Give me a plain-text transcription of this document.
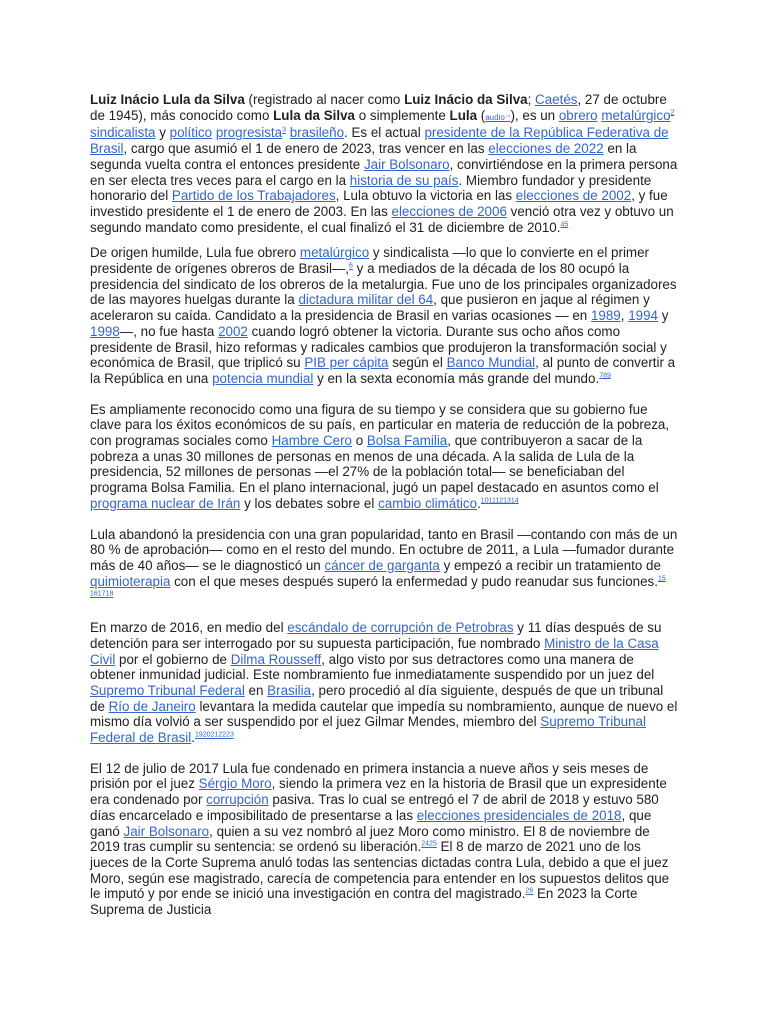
Luiz Inácio Lula da Silva (registrado al nacer como Luiz Inácio da Silva; Caetés, 27 de octubre de 1945), más conocido como Lula da Silva o simplemente Lula (audio⁻ⁱ), es un obrero metalúrgico$^2$ sindicalista y político progresista$^3$ brasileño. Es el actual presidente de la República Federativa de Brasil, cargo que asumió el 1 de enero de 2023, tras vencer en las elecciones de 2022 en la segunda vuelta contra el entonces presidente Jair Bolsonaro, convirtiéndose en la primera persona en ser electa tres veces para el cargo en la historia de su país. Miembro fundador y presidente honorario del Partido de los Trabajadores, Lula obtuvo la victoria en las elecciones de 2002, y fue investido presidente el 1 de enero de 2003. En las elecciones de 2006 venció otra vez y obtuvo un segundo mandato como presidente, el cual finalizó el 31 de diciembre de 2010.45

De origen humilde, Lula fue obrero metalúrgico y sindicalista —lo que lo convierte en el primer presidente de orígenes obreros de Brasil—,$^6$ y a mediados de la década de los 80 ocupó la presidencia del sindicato de los obreros de la metalurgia. Fue uno de los principales organizadores de las mayores huelgas durante la dictadura militar del 64, que pusieron en jaque al régimen y aceleraron su caída. Candidato a la presidencia de Brasil en varias ocasiones — en 1989, 1994 y 1998—, no fue hasta 2002 cuando logró obtener la victoria. Durante sus ocho años como presidente de Brasil, hizo reformas y radicales cambios que produjeron la transformación social y económica de Brasil, que triplicó su PIB per cápita según el Banco Mundial, al punto de convertir a la República en una potencia mundial y en la sexta economía más grande del mundo.$^{789}$

Es ampliamente reconocido como una figura de su tiempo y se considera que su gobierno fue clave para los éxitos económicos de su país, en particular en materia de reducción de la pobreza, con programas sociales como Hambre Cero o Bolsa Familia, que contribuyeron a sacar de la pobreza a unas 30 millones de personas en menos de una década. A la salida de Lula de la presidencia, 52 millones de personas —el 27% de la población total— se beneficiaban del programa Bolsa Familia. En el plano internacional, jugó un papel destacado en asuntos como el programa nuclear de Irán y los debates sobre el cambio climático.$^{1011121314}$

Lula abandonó la presidencia con una gran popularidad, tanto en Brasil —contando con más de un 80 % de aprobación— como en el resto del mundo. En octubre de 2011, a Lula —fumador durante más de 40 años— se le diagnosticó un cáncer de garganta y empezó a recibir un tratamiento de quimioterapia con el que meses después superó la enfermedad y pudo reanudar sus funciones.$^{15 161718}$

En marzo de 2016, en medio del escándalo de corrupción de Petrobras y 11 días después de su detención para ser interrogado por su supuesta participación, fue nombrado Ministro de la Casa Civil por el gobierno de Dilma Rousseff, algo visto por sus detractores como una manera de obtener inmunidad judicial. Este nombramiento fue inmediatamente suspendido por un juez del Supremo Tribunal Federal en Brasilia, pero procedió al día siguiente, después de que un tribunal de Río de Janeiro levantara la medida cautelar que impedía su nombramiento, aunque de nuevo el mismo día volvió a ser suspendido por el juez Gilmar Mendes, miembro del Supremo Tribunal Federal de Brasil.$^{1920212223}$

El 12 de julio de 2017 Lula fue condenado en primera instancia a nueve años y seis meses de prisión por el juez Sérgio Moro, siendo la primera vez en la historia de Brasil que un expresidente era condenado por corrupción pasiva. Tras lo cual se entregó el 7 de abril de 2018 y estuvo 580 días encarcelado e imposibilitado de presentarse a las elecciones presidenciales de 2018, que ganó Jair Bolsonaro, quien a su vez nombró al juez Moro como ministro. El 8 de noviembre de 2019 tras cumplir su sentencia: se ordenó su liberación.$^{2425}$ El 8 de marzo de 2021 uno de los jueces de la Corte Suprema anuló todas las sentencias dictadas contra Lula, debido a que el juez Moro, según ese magistrado, carecía de competencia para entender en los supuestos delitos que le imputó y por ende se inició una investigación en contra del magistrado.$^{26}$ En 2023 la Corte Suprema de Justicia
